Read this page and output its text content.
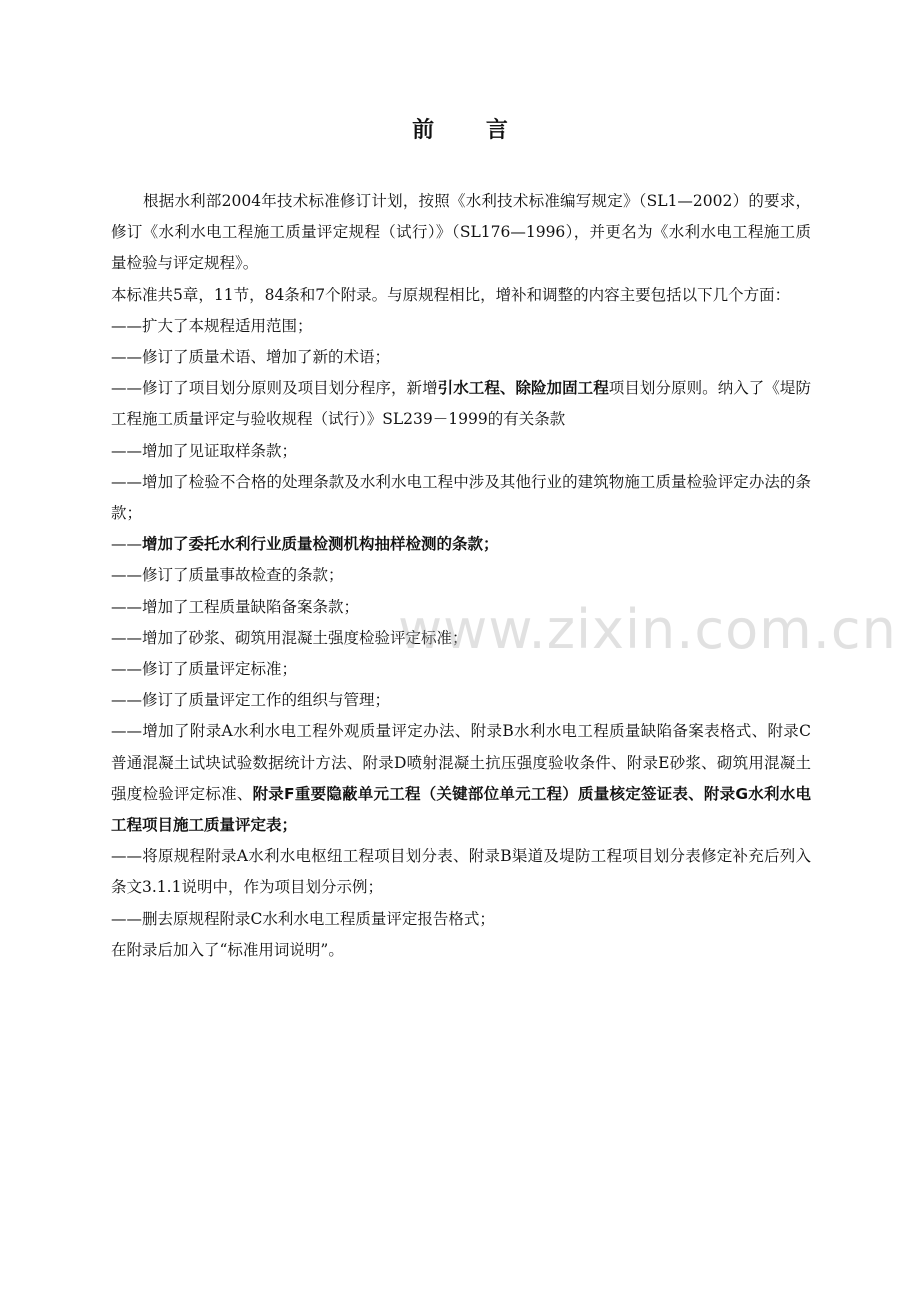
前 言

根据水利部2004年技术标准修订计划，按照《水利技术标准编写规定》（SL1—2002）的要求，修订《水利水电工程施工质量评定规程（试行）》（SL176—1996），并更名为《水利水电工程施工质量检验与评定规程》。

本标准共5章，11节，84条和7个附录。与原规程相比，增补和调整的内容主要包括以下几个方面：

——扩大了本规程适用范围；

——修订了质量术语、增加了新的术语；

——修订了项目划分原则及项目划分程序，新增引水工程、除险加固工程项目划分原则。纳入了《堤防工程施工质量评定与验收规程（试行）》SL239－1999的有关条款

——增加了见证取样条款；

——增加了检验不合格的处理条款及水利水电工程中涉及其他行业的建筑物施工质量检验评定办法的条款；

——增加了委托水利行业质量检测机构抽样检测的条款；

——修订了质量事故检查的条款；

——增加了工程质量缺陷备案条款；

——增加了砂浆、砌筑用混凝土强度检验评定标准；

——修订了质量评定标准；

——修订了质量评定工作的组织与管理；

——增加了附录A水利水电工程外观质量评定办法、附录B水利水电工程质量缺陷备案表格式、附录C普通混凝土试块试验数据统计方法、附录D喷射混凝土抗压强度验收条件、附录E砂浆、砌筑用混凝土强度检验评定标准、附录F重要隐蔽单元工程（关键部位单元工程）质量核定签证表、附录G水利水电工程项目施工质量评定表；

——将原规程附录A水利水电枢纽工程项目划分表、附录B渠道及堤防工程项目划分表修定补充后列入条文3.1.1说明中，作为项目划分示例；

——删去原规程附录C水利水电工程质量评定报告格式；

在附录后加入了“标准用词说明”。

www.zixin.com.cn
